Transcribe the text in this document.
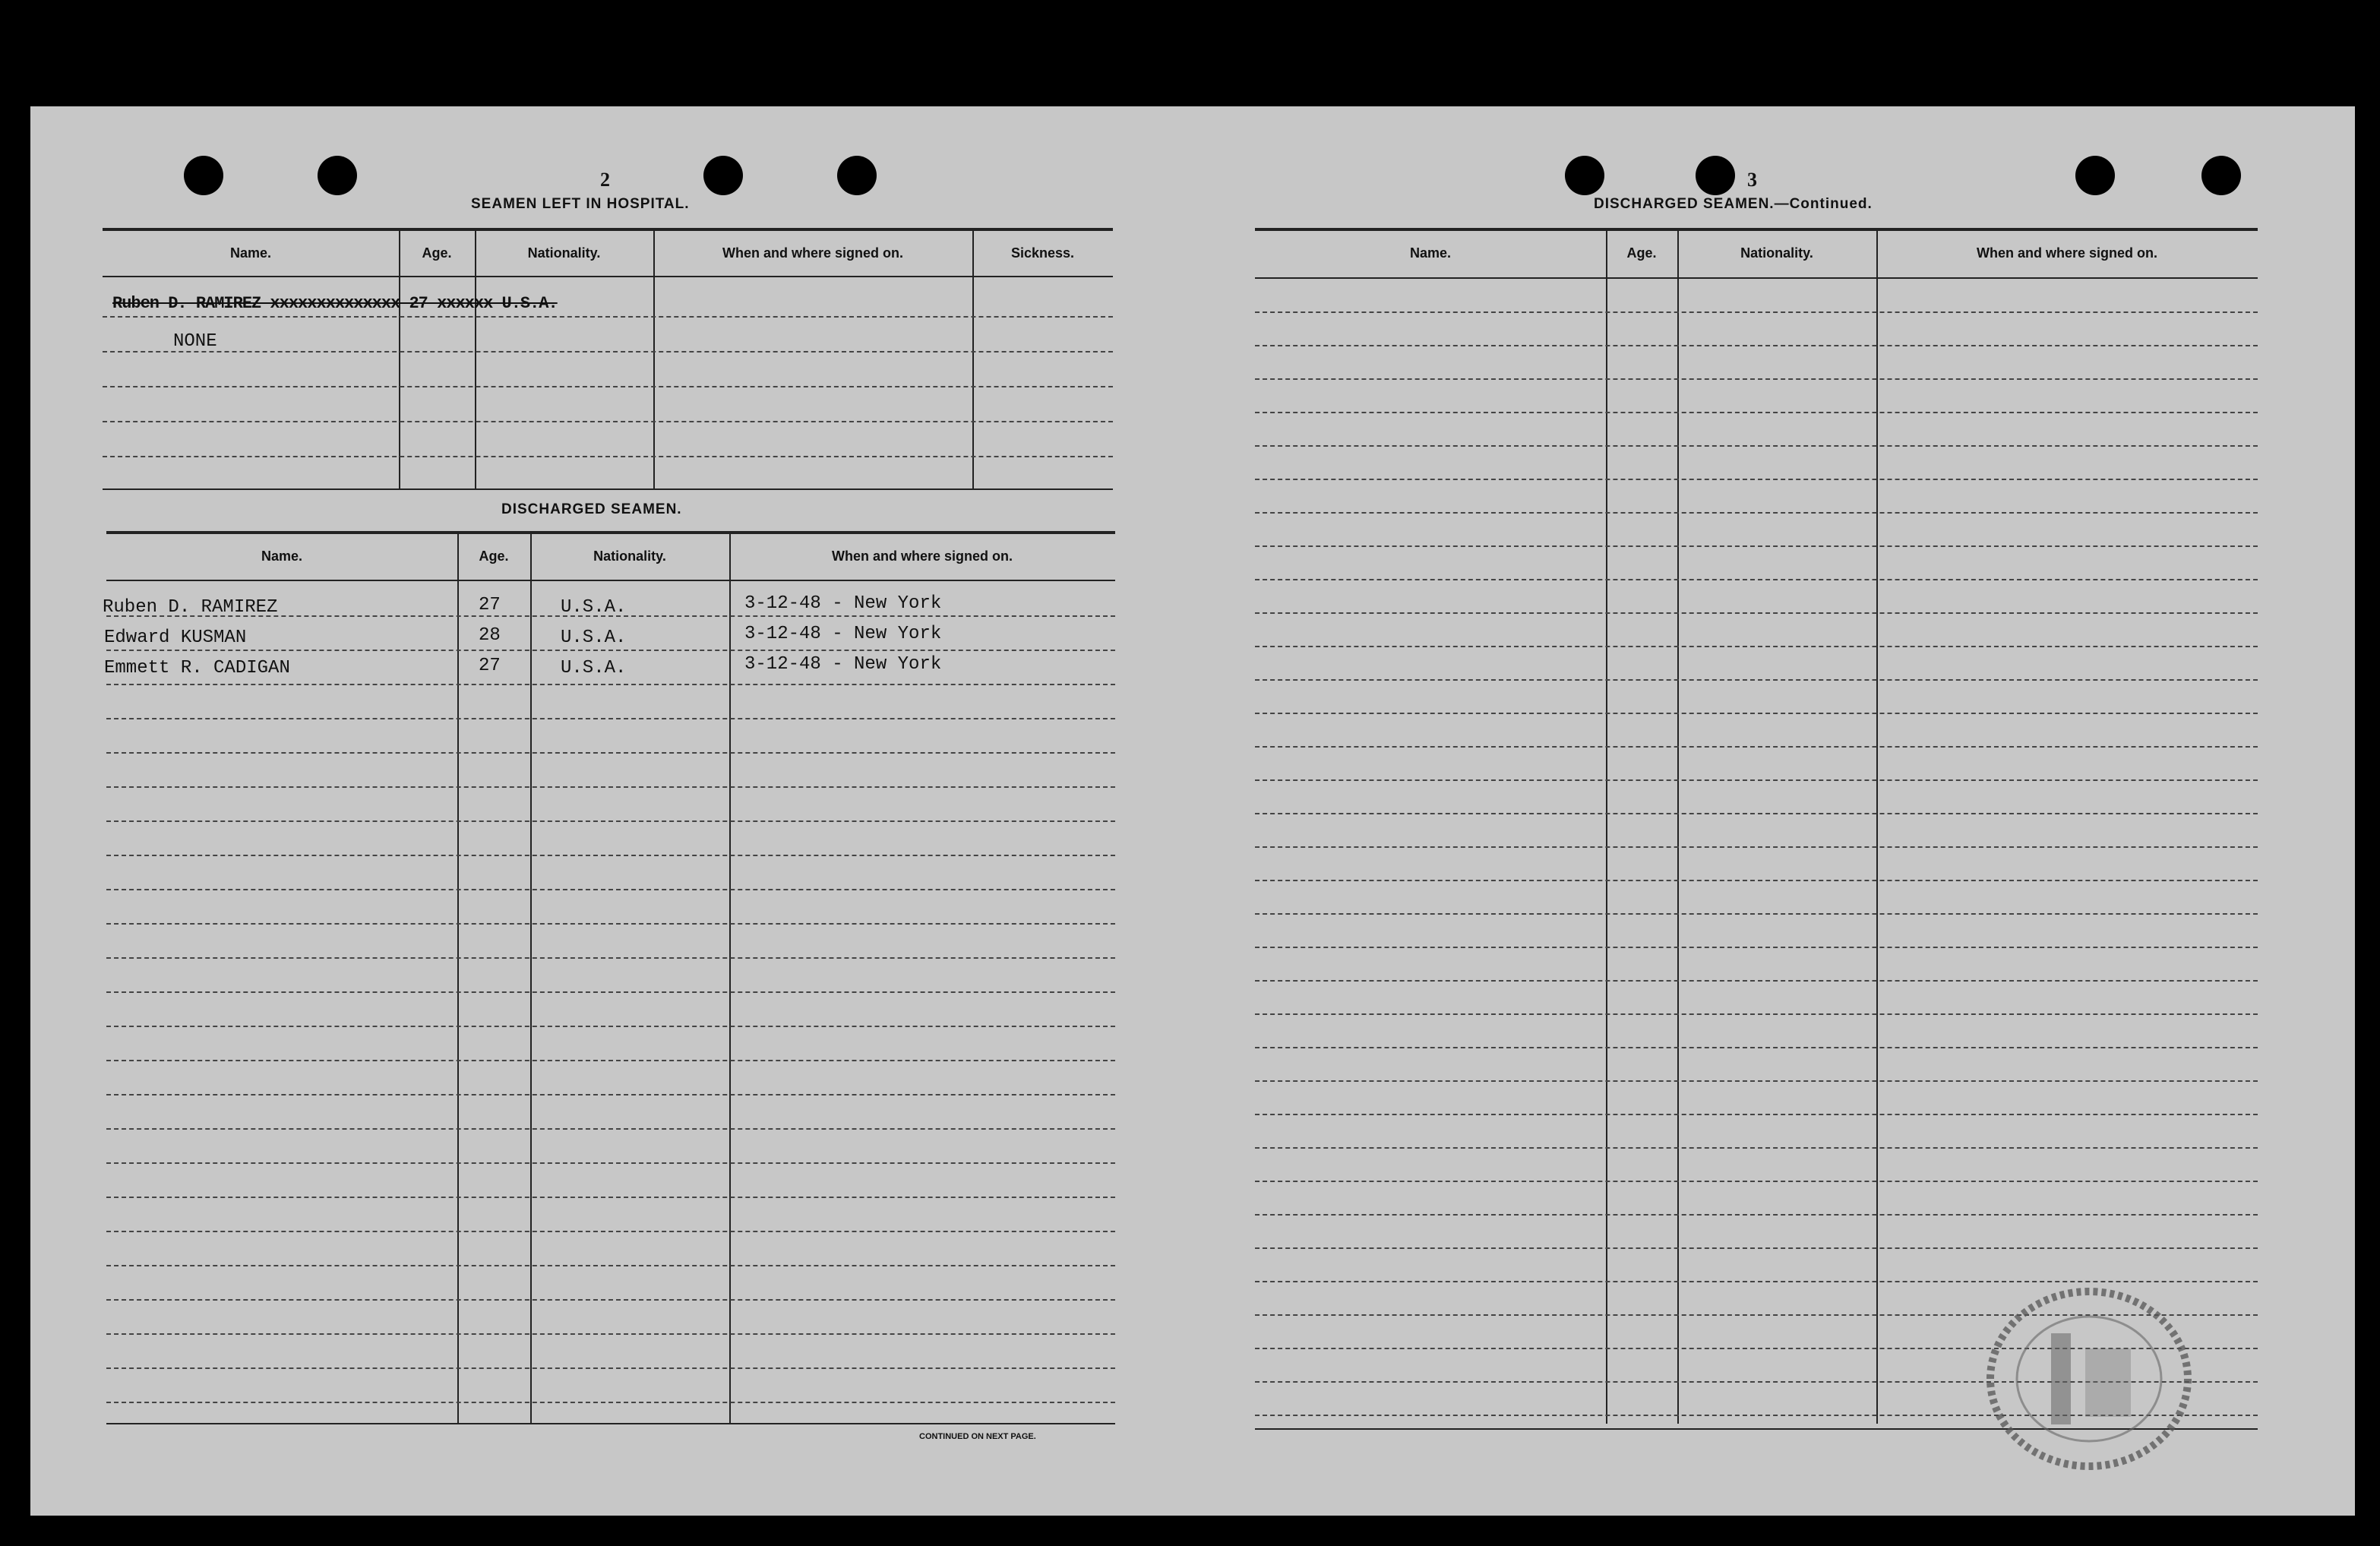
2
SEAMEN LEFT IN HOSPITAL.
Name.	Age.	Nationality.	When and where signed on.	Sickness.
Ruben D. RAMIREZ xxxxxxxxxxxxxx 27 xxxxxx U.S.A.
NONE
DISCHARGED SEAMEN.
Name.	Age.	Nationality.	When and where signed on.
Ruben D. RAMIREZ	27	U.S.A.	3-12-48 - New York
Edward KUSMAN	28	U.S.A.	3-12-48 - New York
Emmett R. CADIGAN	27	U.S.A.	3-12-48 - New York
CONTINUED ON NEXT PAGE.
3
DISCHARGED SEAMEN.—Continued.
Name.	Age.	Nationality.	When and where signed on.
